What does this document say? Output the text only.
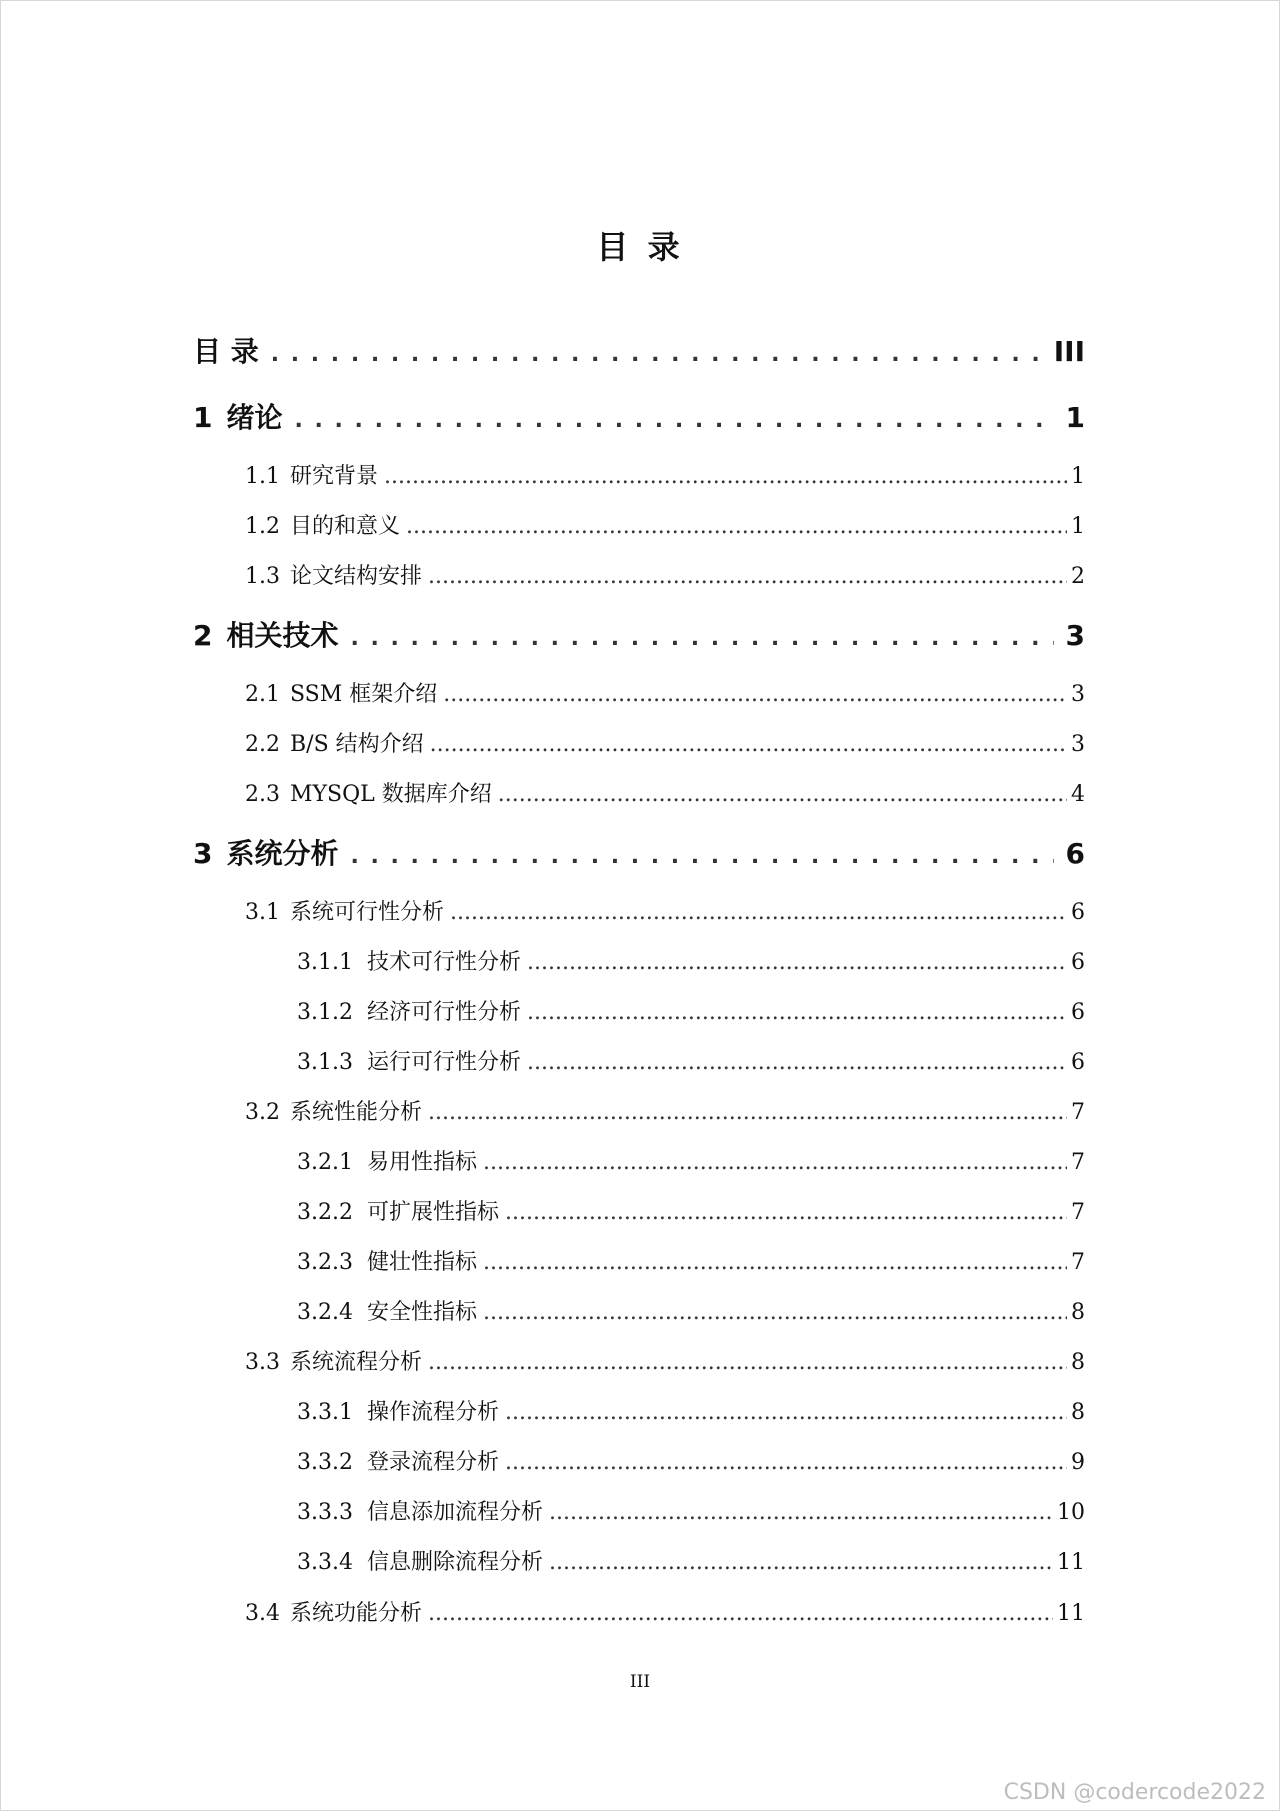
目 录
目 录 . . .	III
1 绪论 . . .	1
1.1 研究背景 .....	1
1.2 目的和意义 .....	1
1.3 论文结构安排 .....	2
2 相关技术 . . .	3
2.1 SSM 框架介绍 .....	3
2.2 B/S 结构介绍 .....	3
2.3 MYSQL 数据库介绍 .....	4
3 系统分析 . . .	6
3.1 系统可行性分析 .....	6
3.1.1 技术可行性分析 .....	6
3.1.2 经济可行性分析 .....	6
3.1.3 运行可行性分析 .....	6
3.2 系统性能分析 .....	7
3.2.1 易用性指标 .....	7
3.2.2 可扩展性指标 .....	7
3.2.3 健壮性指标 .....	7
3.2.4 安全性指标 .....	8
3.3 系统流程分析 .....	8
3.3.1 操作流程分析 .....	8
3.3.2 登录流程分析 .....	9
3.3.3 信息添加流程分析 .....	10
3.3.4 信息删除流程分析 .....	11
3.4 系统功能分析 .....	11
III
CSDN @codercode2022
